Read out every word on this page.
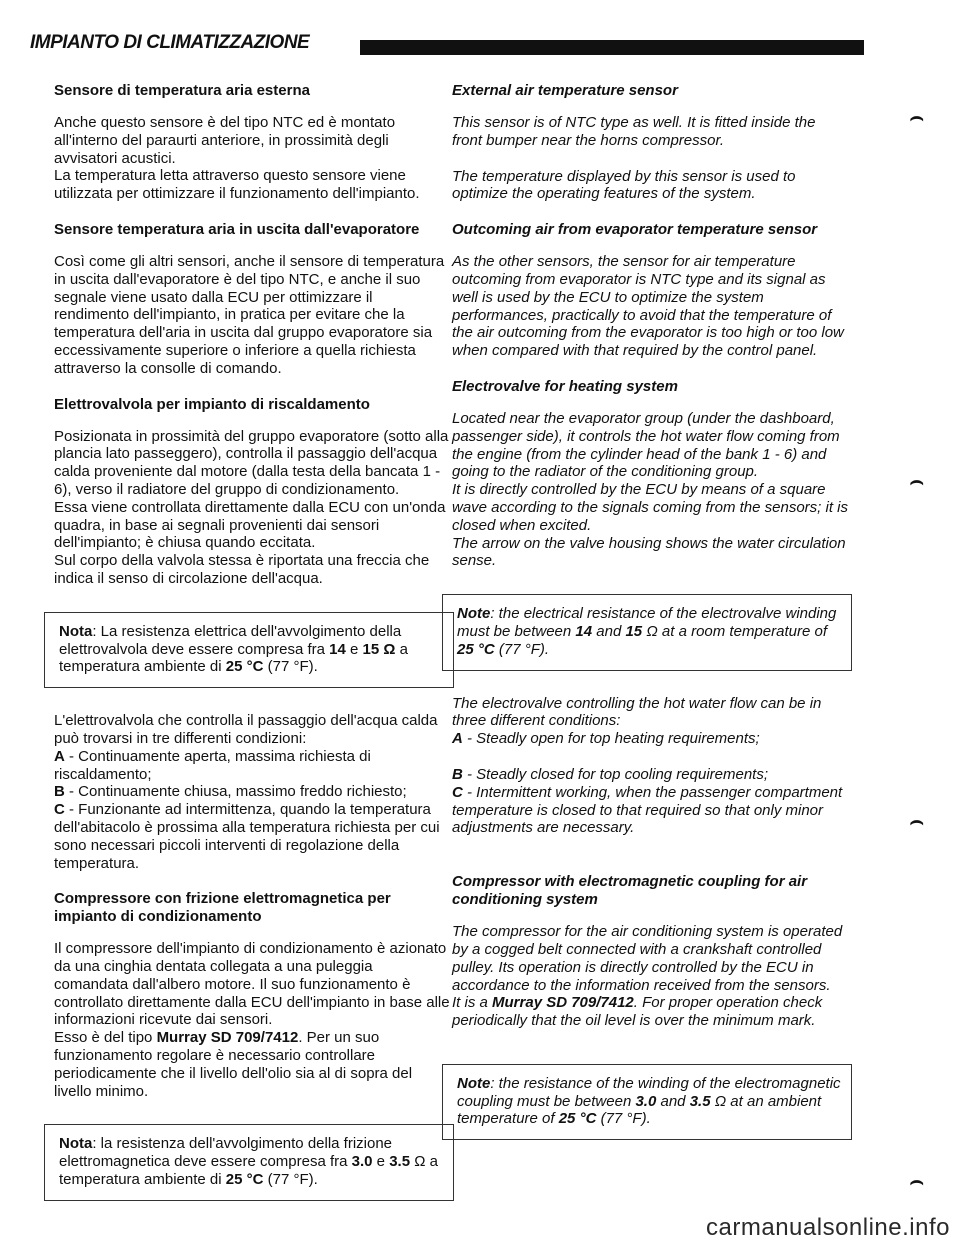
IMPIANTO DI CLIMATIZZAZIONE
Sensore di temperatura aria esterna

Anche questo sensore è del tipo NTC ed è montato all'interno del paraurti anteriore, in prossimità degli avvisatori acustici.

La temperatura letta attraverso questo sensore viene utilizzata per ottimizzare il funzionamento dell'impianto.

Sensore temperatura aria in uscita dall'evaporatore

Così come gli altri sensori, anche il sensore di temperatura in uscita dall'evaporatore è del tipo NTC, e anche il suo segnale viene usato dalla ECU per ottimizzare il rendimento dell'impianto, in pratica per evitare che la temperatura dell'aria in uscita dal gruppo evaporatore sia eccessivamente superiore o inferiore a quella richiesta attraverso la consolle di comando.

Elettrovalvola per impianto di riscaldamento

Posizionata in prossimità del gruppo evaporatore (sotto alla plancia lato passeggero), controlla il passaggio dell'acqua calda proveniente dal motore (dalla testa della bancata 1 - 6), verso il radiatore del gruppo di condizionamento.

Essa viene controllata direttamente dalla ECU con un'onda quadra, in base ai segnali provenienti dai sensori dell'impianto; è chiusa quando eccitata.

Sul corpo della valvola stessa è riportata una freccia che indica il senso di circolazione dell'acqua.

Nota: La resistenza elettrica dell'avvolgimento della elettrovalvola deve essere compresa fra 14 e 15 Ω a temperatura ambiente di 25 °C (77 °F).

L'elettrovalvola che controlla il passaggio dell'acqua calda può trovarsi in tre differenti condizioni:

A - Continuamente aperta, massima richiesta di riscaldamento;

B - Continuamente chiusa, massimo freddo richiesto;

C - Funzionante ad intermittenza, quando la temperatura dell'abitacolo è prossima alla temperatura richiesta per cui sono necessari piccoli interventi di regolazione della temperatura.

Compressore con frizione elettromagnetica per impianto di condizionamento

Il compressore dell'impianto di condizionamento è azionato da una cinghia dentata collegata a una puleggia comandata dall'albero motore. Il suo funzionamento è controllato direttamente dalla ECU dell'impianto in base alle informazioni ricevute dai sensori.

Esso è del tipo Murray SD 709/7412. Per un suo funzionamento regolare è necessario controllare periodicamente che il livello dell'olio sia al di sopra del livello minimo.

Nota: la resistenza dell'avvolgimento della frizione elettromagnetica deve essere compresa fra 3.0 e 3.5 Ω a temperatura ambiente di 25 °C (77 °F).
External air temperature sensor

This sensor is of NTC type as well. It is fitted inside the front bumper near the horns compressor.

The temperature displayed by this sensor is used to optimize the operating features of the system.

Outcoming air from evaporator temperature sensor

As the other sensors, the sensor for air temperature outcoming from evaporator is NTC type and its signal as well is used by the ECU to optimize the system performances, practically to avoid that the temperature of the air outcoming from the evaporator is too high or too low when compared with that required by the control panel.

Electrovalve for heating system

Located near the evaporator group (under the dashboard, passenger side), it controls the hot water flow coming from the engine (from the cylinder head of the bank 1 - 6) and going to the radiator of the conditioning group.

It is directly controlled by the ECU by means of a square wave according to the signals coming from the sensors; it is closed when excited.

The arrow on the valve housing shows the water circulation sense.

Note: the electrical resistance of the electrovalve winding must be between 14 and 15 Ω at a room temperature of 25 °C (77 °F).

The electrovalve controlling the hot water flow can be in three different conditions:

A - Steadly open for top heating requirements;

B - Steadly closed for top cooling requirements;

C - Intermittent working, when the passenger compartment temperature is closed to that required so that only minor adjustments are necessary.

Compressor with electromagnetic coupling for air conditioning system

The compressor for the air conditioning system is operated by a cogged belt connected with a crankshaft controlled pulley. Its operation is directly controlled by the ECU in accordance to the information received from the sensors.

It is a Murray SD 709/7412. For proper operation check periodically that the oil level is over the minimum mark.

Note: the resistance of the winding of the electromagnetic coupling must be between 3.0 and 3.5 Ω at an ambient temperature of 25 °C (77 °F).
⌢
⌢
⌢
⌢
carmanualsonline.info
